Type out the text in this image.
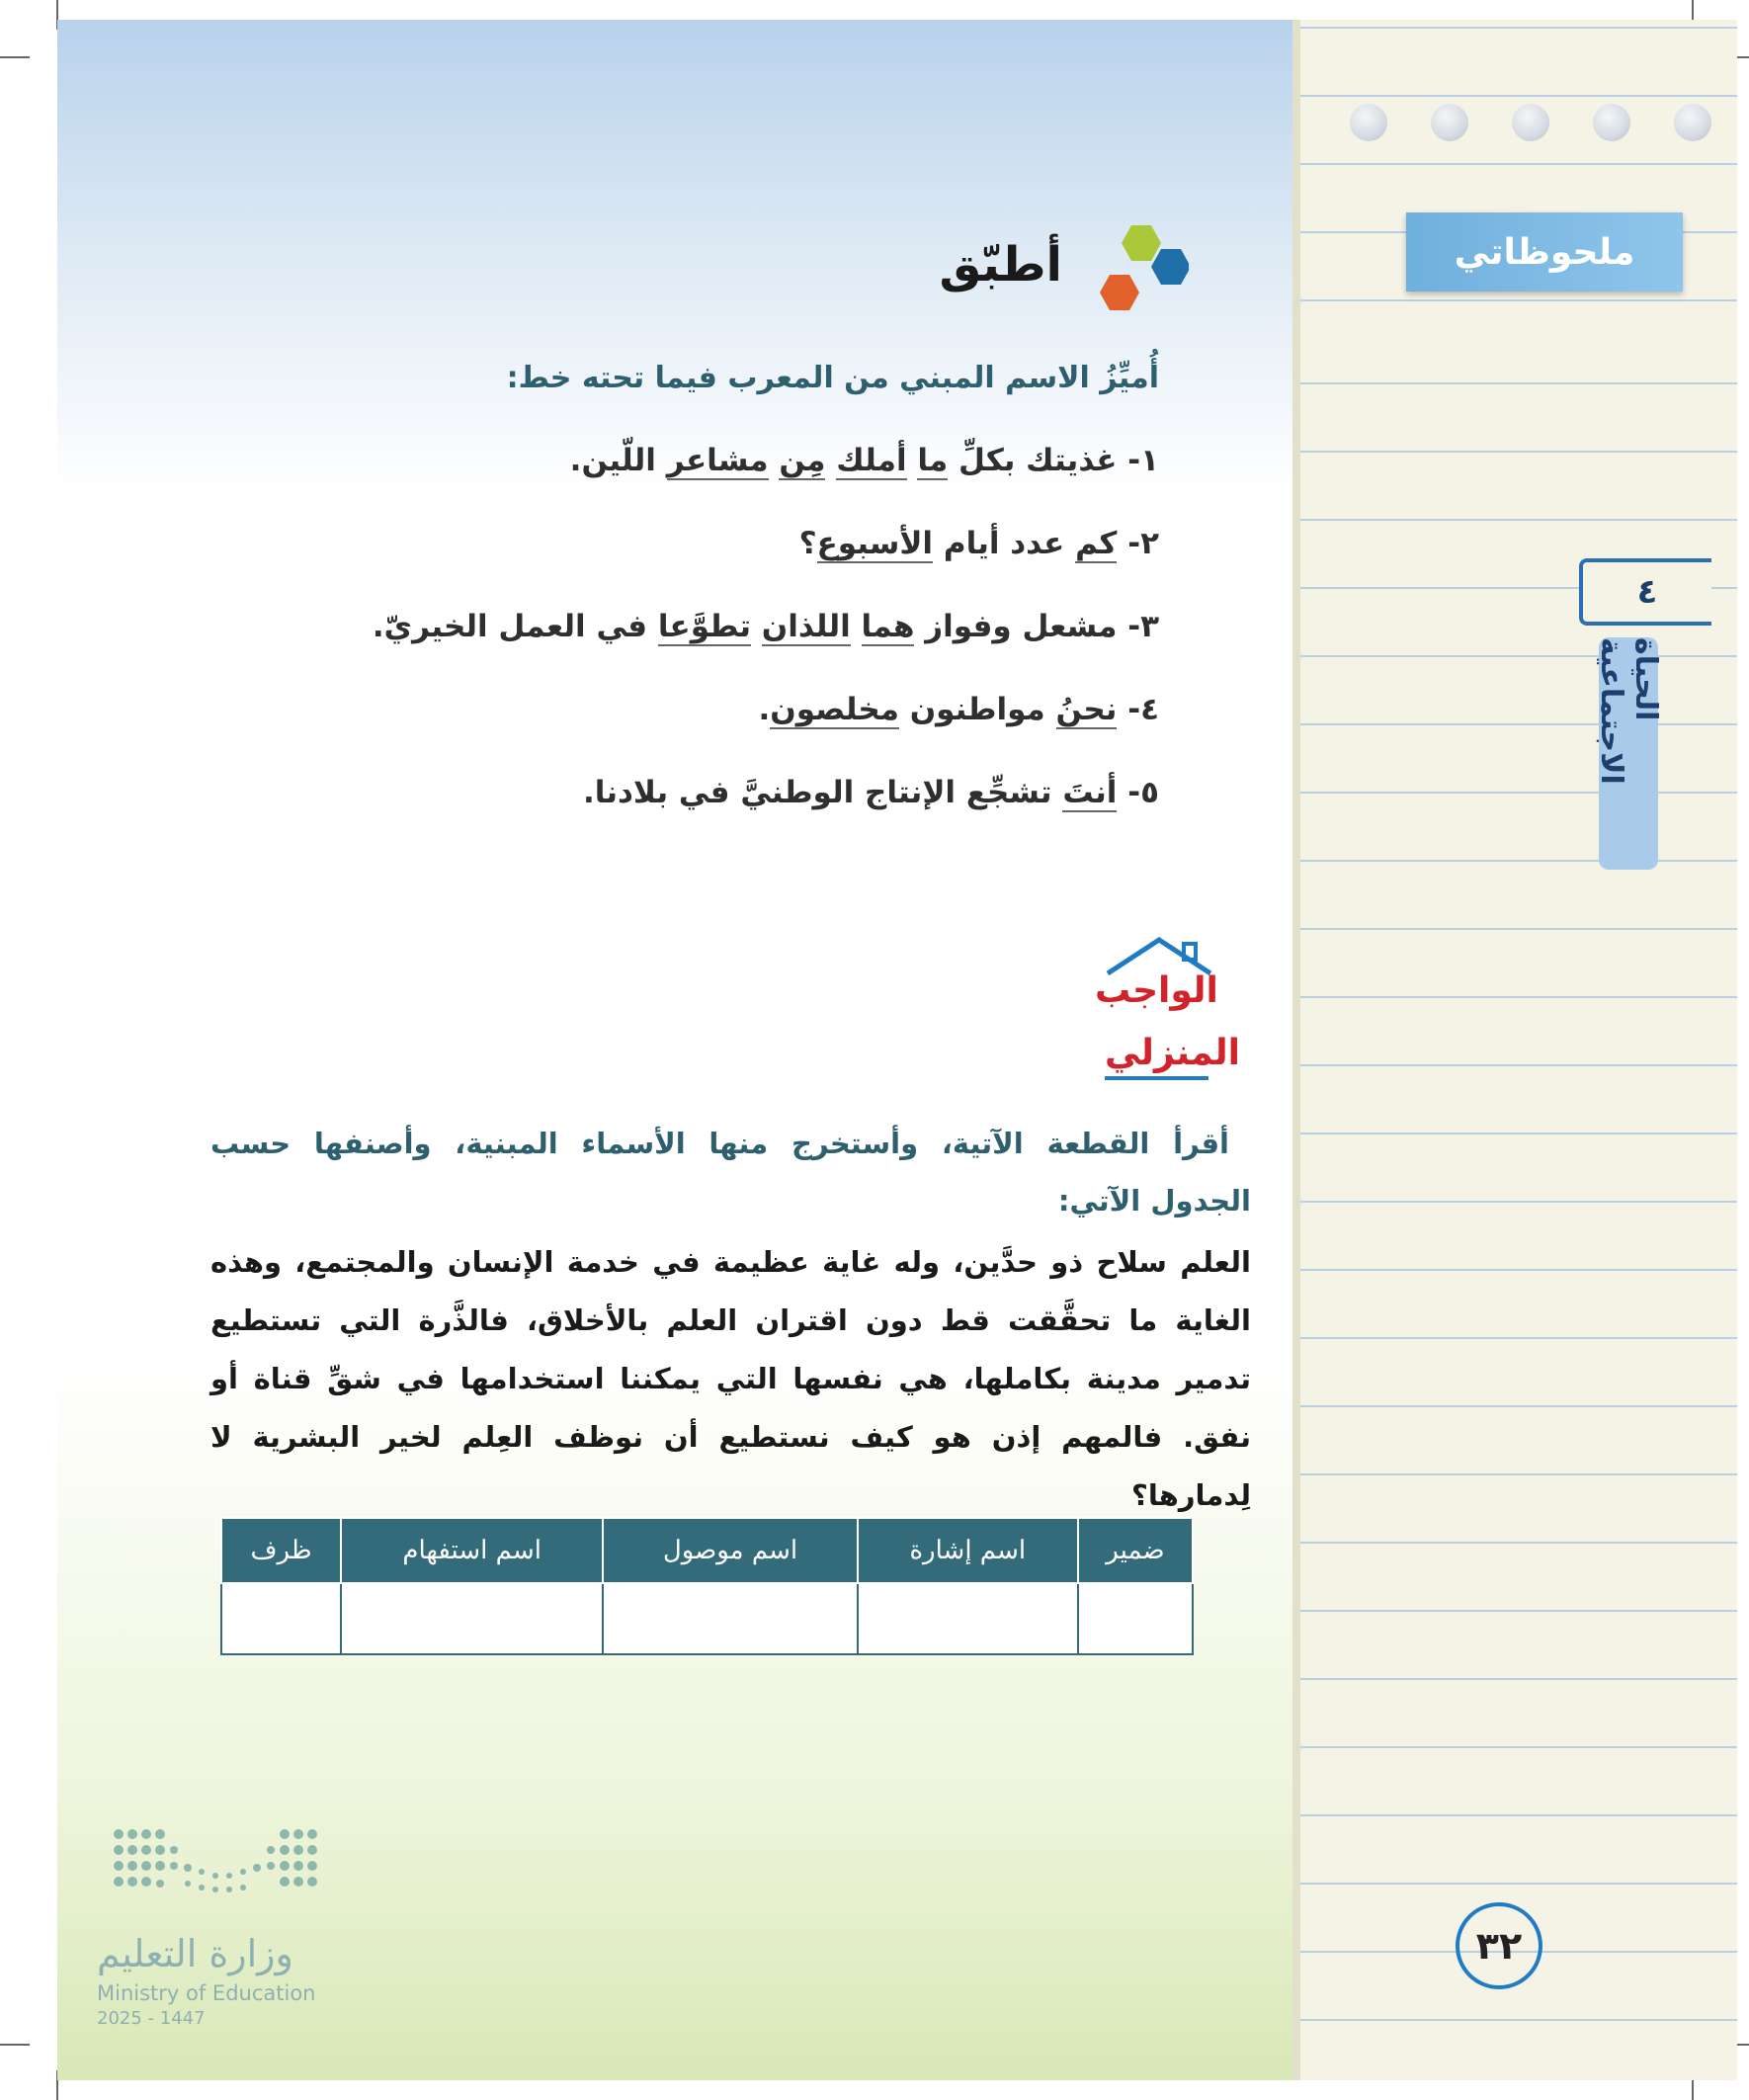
ملحوظاتي
٤
الحياة الاجتماعية
٣٢
أطبّق
أُميِّزُ الاسم المبني من المعرب فيما تحته خط:
١- غذيتك بكلِّ ما أملك مِن مشاعر اللّين.
٢- كم عدد أيام الأسبوع؟
٣- مشعل وفواز هما اللذان تطوَّعا في العمل الخيريّ.
٤- نحنُ مواطنون مخلصون.
٥- أنتَ تشجِّع الإنتاج الوطنيَّ في بلادنا.
الواجب
المنزلي
أقرأ القطعة الآتية، وأستخرج منها الأسماء المبنية، وأصنفها حسب الجدول الآتي:
العلم سلاح ذو حدَّين، وله غاية عظيمة في خدمة الإنسان والمجتمع، وهذه الغاية ما تحقَّقت قط دون اقتران العلم بالأخلاق، فالذَّرة التي تستطيع تدمير مدينة بكاملها، هي نفسها التي يمكننا استخدامها في شقِّ قناة أو نفق. فالمهم إذن هو كيف نستطيع أن نوظف العِلم لخير البشرية لا لِدمارها؟
ضمير	اسم إشارة	اسم موصول	اسم استفهام	ظرف

وزارة التعليم
Ministry of Education
2025 - 1447
